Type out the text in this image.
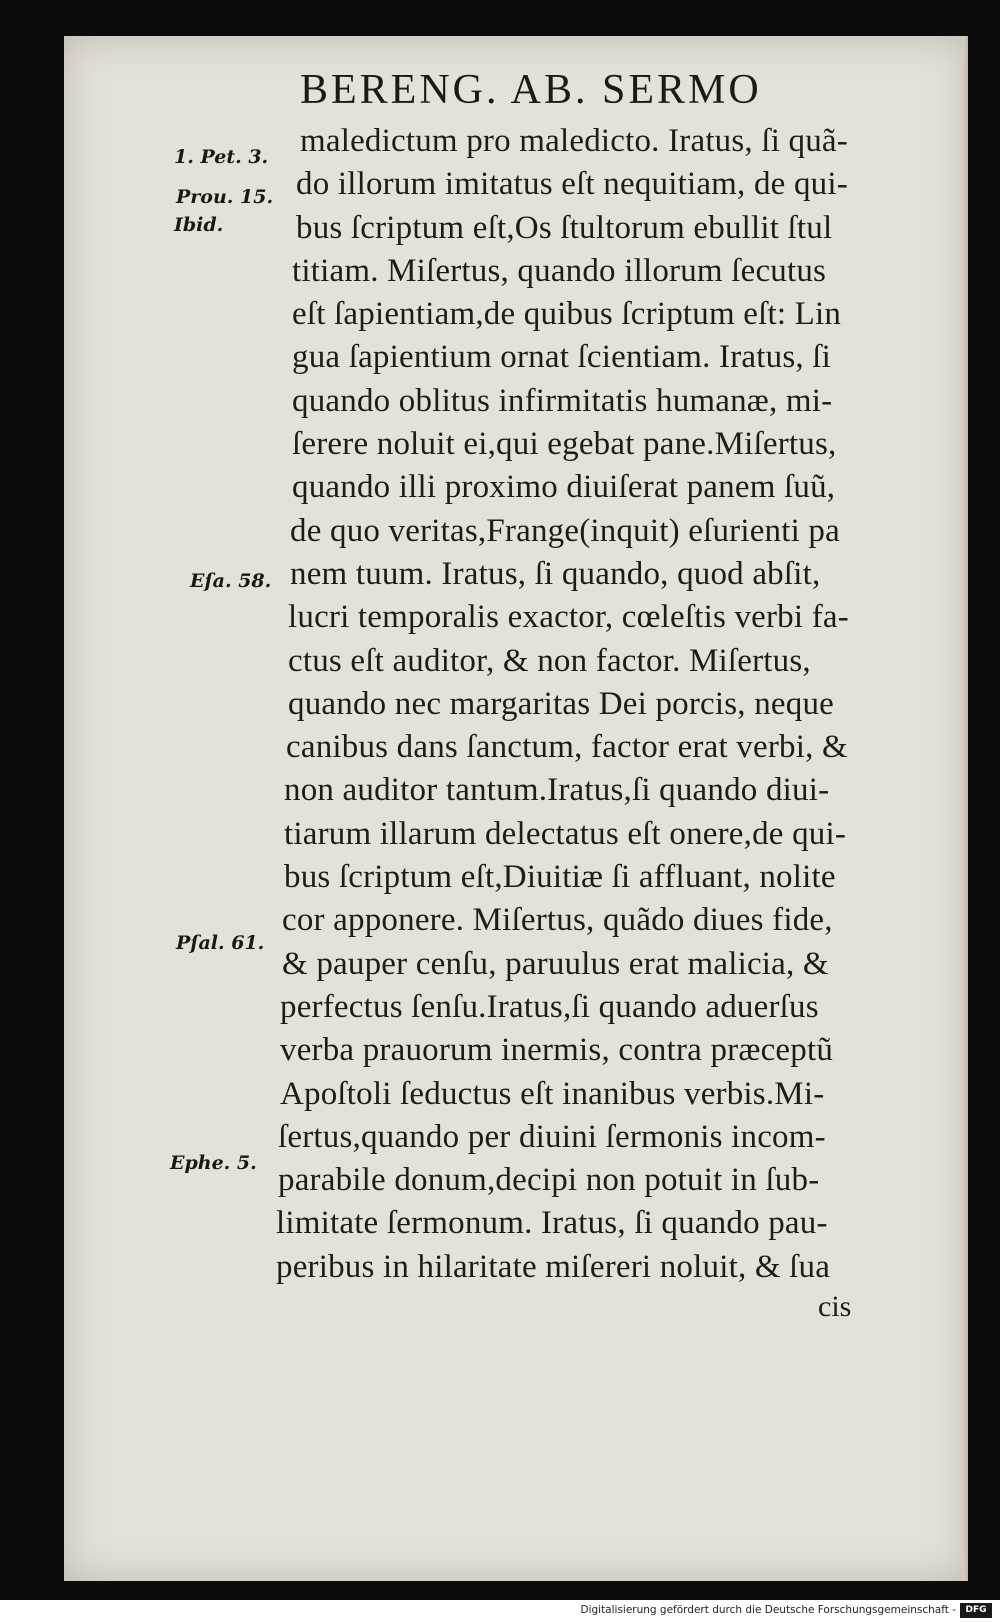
BERENG. AB. SERMO
1. Pet. 3.
Prou. 15.
Ibid.
Eſa. 58.
Pſal. 61.
Ephe. 5.
maledictum pro maledicto. Iratus, ſi quã-
do illorum imitatus eſt nequitiam, de qui-
bus ſcriptum eſt,Os ſtultorum ebullit ſtul
titiam. Miſertus, quando illorum ſecutus
eſt ſapientiam,de quibus ſcriptum eſt: Lin
gua ſapientium ornat ſcientiam. Iratus, ſi
quando oblitus infirmitatis humanæ, mi-
ſerere noluit ei,qui egebat pane.Miſertus,
quando illi proximo diuiſerat panem ſuũ,
de quo veritas,Frange(inquit) eſurienti pa
nem tuum. Iratus, ſi quando, quod abſit,
lucri temporalis exactor, cœleſtis verbi fa-
ctus eſt auditor, & non factor. Miſertus,
quando nec margaritas Dei porcis, neque
canibus dans ſanctum, factor erat verbi, &
non auditor tantum.Iratus,ſi quando diui-
tiarum illarum delectatus eſt onere,de qui-
bus ſcriptum eſt,Diuitiæ ſi affluant, nolite
cor apponere. Miſertus, quãdo diues fide,
& pauper cenſu, paruulus erat malicia, &
perfectus ſenſu.Iratus,ſi quando aduerſus
verba prauorum inermis, contra præceptũ
Apoſtoli ſeductus eſt inanibus verbis.Mi-
ſertus,quando per diuini ſermonis incom-
parabile donum,decipi non potuit in ſub-
limitate ſermonum. Iratus, ſi quando pau-
peribus in hilaritate miſereri noluit, & ſua
cis
Digitalisierung gefördert durch die Deutsche Forschungsgemeinschaft -	DFG
